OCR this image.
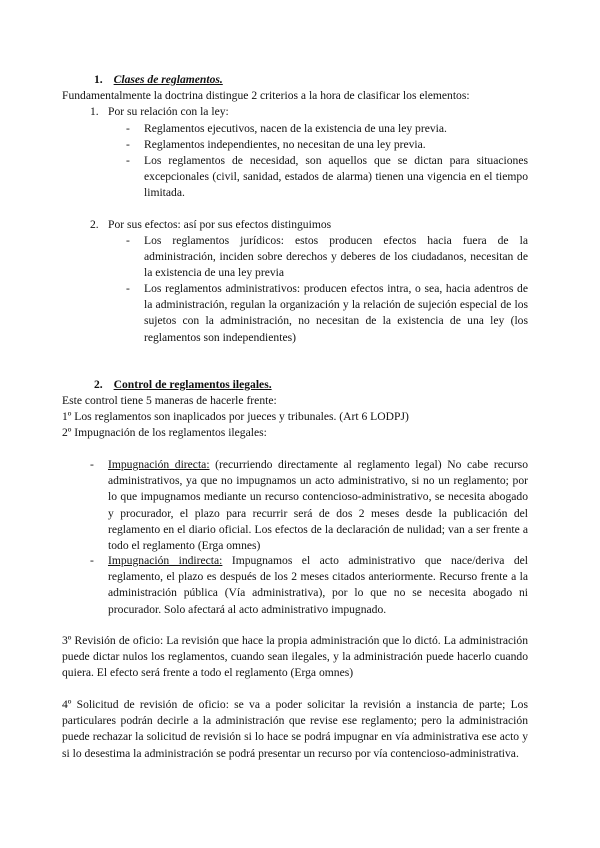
1. Clases de reglamentos.
Fundamentalmente la doctrina distingue 2 criterios a la hora de clasificar los elementos:
1. Por su relación con la ley:
- Reglamentos ejecutivos, nacen de la existencia de una ley previa.
- Reglamentos independientes, no necesitan de una ley previa.
- Los reglamentos de necesidad, son aquellos que se dictan para situaciones excepcionales (civil, sanidad, estados de alarma) tienen una vigencia en el tiempo limitada.
2. Por sus efectos: así por sus efectos distinguimos
- Los reglamentos jurídicos: estos producen efectos hacia fuera de la administración, inciden sobre derechos y deberes de los ciudadanos, necesitan de la existencia de una ley previa
- Los reglamentos administrativos: producen efectos intra, o sea, hacia adentros de la administración, regulan la organización y la relación de sujeción especial de los sujetos con la administración, no necesitan de la existencia de una ley (los reglamentos son independientes)
2. Control de reglamentos ilegales.
Este control tiene 5 maneras de hacerle frente:
1º Los reglamentos son inaplicados por jueces y tribunales. (Art 6 LODPJ)
2º Impugnación de los reglamentos ilegales:
- Impugnación directa: (recurriendo directamente al reglamento legal) No cabe recurso administrativos, ya que no impugnamos un acto administrativo, si no un reglamento; por lo que impugnamos mediante un recurso contencioso-administrativo, se necesita abogado y procurador, el plazo para recurrir será de dos 2 meses desde la publicación del reglamento en el diario oficial. Los efectos de la declaración de nulidad; van a ser frente a todo el reglamento (Erga omnes)
- Impugnación indirecta: Impugnamos el acto administrativo que nace/deriva del reglamento, el plazo es después de los 2 meses citados anteriormente. Recurso frente a la administración pública (Vía administrativa), por lo que no se necesita abogado ni procurador. Solo afectará al acto administrativo impugnado.
3º Revisión de oficio: La revisión que hace la propia administración que lo dictó. La administración puede dictar nulos los reglamentos, cuando sean ilegales, y la administración puede hacerlo cuando quiera. El efecto será frente a todo el reglamento (Erga omnes)
4º Solicitud de revisión de oficio: se va a poder solicitar la revisión a instancia de parte; Los particulares podrán decirle a la administración que revise ese reglamento; pero la administración puede rechazar la solicitud de revisión si lo hace se podrá impugnar en vía administrativa ese acto y si lo desestima la administración se podrá presentar un recurso por vía contencioso-administrativa.
